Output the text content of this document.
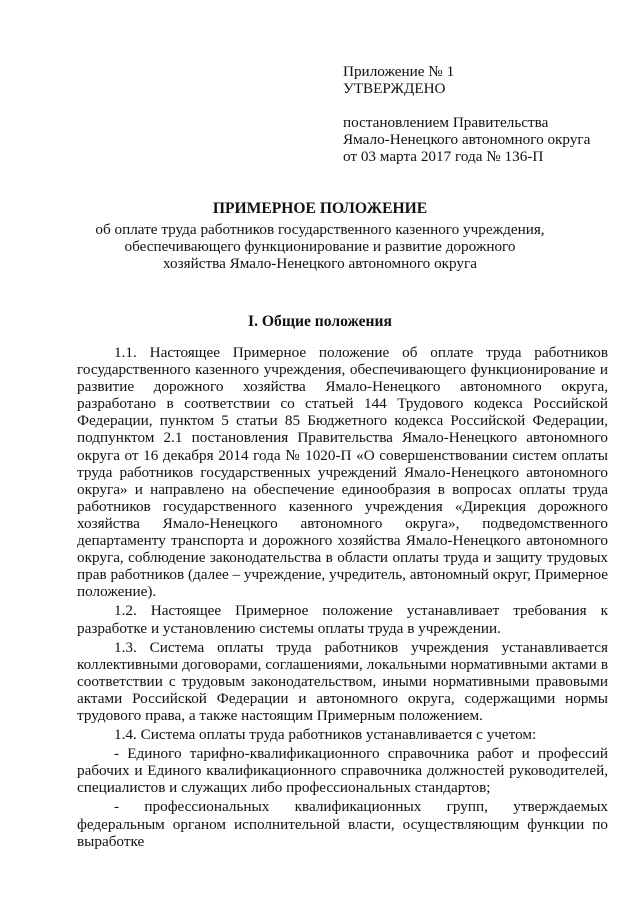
Приложение № 1
УТВЕРЖДЕНО
постановлением Правительства
Ямало-Ненецкого автономного округа
от 03 марта 2017 года № 136-П
ПРИМЕРНОЕ ПОЛОЖЕНИЕ
об оплате труда работников государственного казенного учреждения,
обеспечивающего функционирование и развитие дорожного
хозяйства Ямало-Ненецкого автономного округа
I. Общие положения

1.1. Настоящее Примерное положение об оплате труда работников государственного казенного учреждения, обеспечивающего функционирование и развитие дорожного хозяйства Ямало-Ненецкого автономного округа, разработано в соответствии со статьей 144 Трудового кодекса Российской Федерации, пунктом 5 статьи 85 Бюджетного кодекса Российской Федерации, подпунктом 2.1 постановления Правительства Ямало-Ненецкого автономного округа от 16 декабря 2014 года № 1020-П «О совершенствовании систем оплаты труда работников государственных учреждений Ямало-Ненецкого автономного округа» и направлено на обеспечение единообразия в вопросах оплаты труда работников государственного казенного учреждения «Дирекция дорожного хозяйства Ямало-Ненецкого автономного округа», подведомственного департаменту транспорта и дорожного хозяйства Ямало-Ненецкого автономного округа, соблюдение законодательства в области оплаты труда и защиту трудовых прав работников (далее – учреждение, учредитель, автономный округ, Примерное положение).

1.2. Настоящее Примерное положение устанавливает требования к разработке и установлению системы оплаты труда в учреждении.

1.3. Система оплаты труда работников учреждения устанавливается коллективными договорами, соглашениями, локальными нормативными актами в соответствии с трудовым законодательством, иными нормативными правовыми актами Российской Федерации и автономного округа, содержащими нормы трудового права, а также настоящим Примерным положением.

1.4. Система оплаты труда работников устанавливается с учетом:

- Единого тарифно-квалификационного справочника работ и профессий рабочих и Единого квалификационного справочника должностей руководителей, специалистов и служащих либо профессиональных стандартов;

- профессиональных квалификационных групп, утверждаемых федеральным органом исполнительной власти, осуществляющим функции по выработке
